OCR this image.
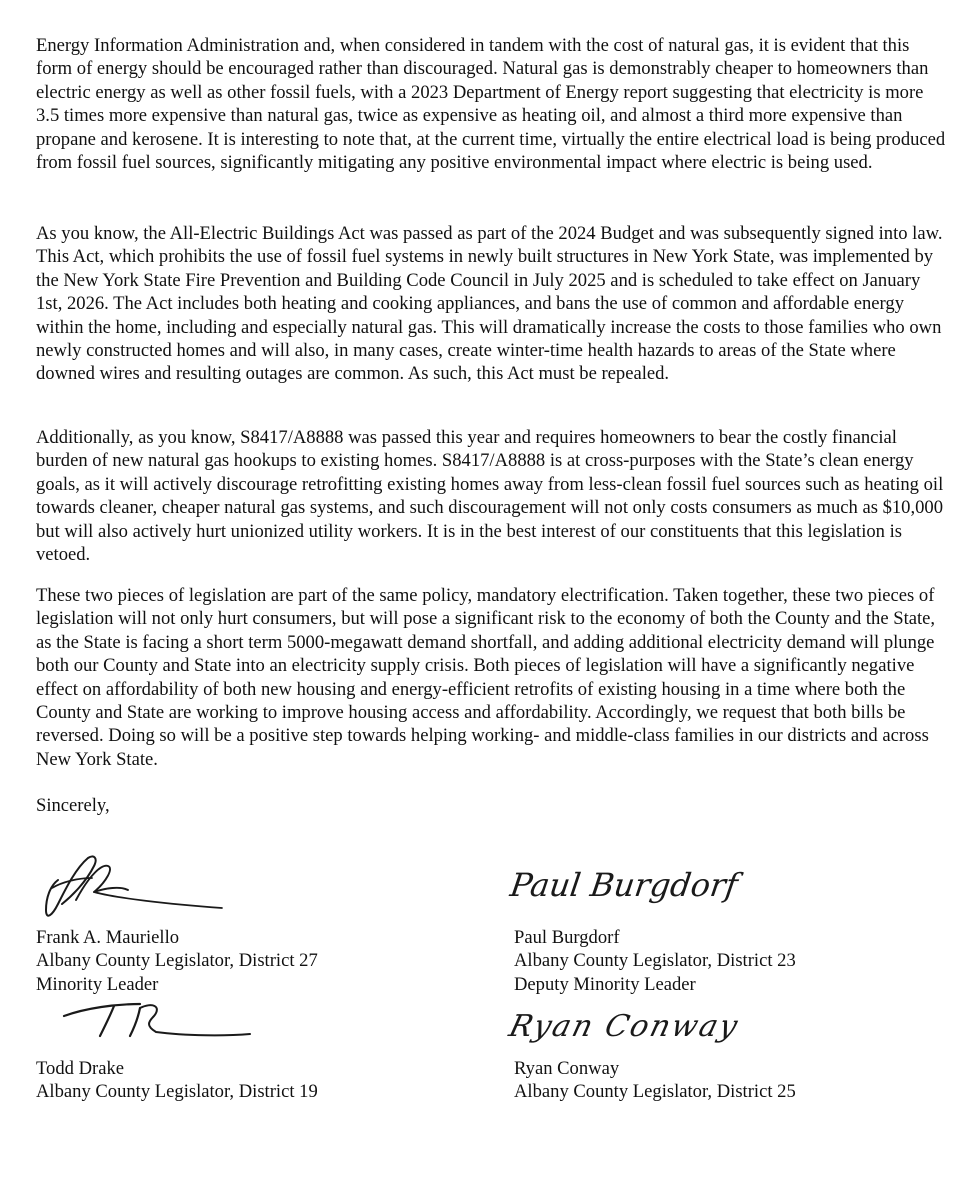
Energy Information Administration and, when considered in tandem with the cost of natural gas, it is evident that this form of energy should be encouraged rather than discouraged. Natural gas is demonstrably cheaper to homeowners than electric energy as well as other fossil fuels, with a 2023 Department of Energy report suggesting that electricity is more 3.5 times more expensive than natural gas, twice as expensive as heating oil, and almost a third more expensive than propane and kerosene. It is interesting to note that, at the current time, virtually the entire electrical load is being produced from fossil fuel sources, significantly mitigating any positive environmental impact where electric is being used.

As you know, the All-Electric Buildings Act was passed as part of the 2024 Budget and was subsequently signed into law. This Act, which prohibits the use of fossil fuel systems in newly built structures in New York State, was implemented by the New York State Fire Prevention and Building Code Council in July 2025 and is scheduled to take effect on January 1st, 2026. The Act includes both heating and cooking appliances, and bans the use of common and affordable energy within the home, including and especially natural gas. This will dramatically increase the costs to those families who own newly constructed homes and will also, in many cases, create winter-time health hazards to areas of the State where downed wires and resulting outages are common. As such, this Act must be repealed.

Additionally, as you know, S8417/A8888 was passed this year and requires homeowners to bear the costly financial burden of new natural gas hookups to existing homes. S8417/A8888 is at cross-purposes with the State’s clean energy goals, as it will actively discourage retrofitting existing homes away from less-clean fossil fuel sources such as heating oil towards cleaner, cheaper natural gas systems, and such discouragement will not only costs consumers as much as $10,000 but will also actively hurt unionized utility workers. It is in the best interest of our constituents that this legislation is vetoed.

These two pieces of legislation are part of the same policy, mandatory electrification. Taken together, these two pieces of legislation will not only hurt consumers, but will pose a significant risk to the economy of both the County and the State, as the State is facing a short term 5000-megawatt demand shortfall, and adding additional electricity demand will plunge both our County and State into an electricity supply crisis. Both pieces of legislation will have a significantly negative effect on affordability of both new housing and energy-efficient retrofits of existing housing in a time where both the County and State are working to improve housing access and affordability. Accordingly, we request that both bills be reversed. Doing so will be a positive step towards helping working- and middle-class families in our districts and across New York State.

Sincerely,

Paul Burgdorf
Frank A. Mauriello
Albany County Legislator, District 27
Minority Leader
Paul Burgdorf
Albany County Legislator, District 23
Deputy Minority Leader
Ryan Conway
Todd Drake
Albany County Legislator, District 19
Ryan Conway
Albany County Legislator, District 25
